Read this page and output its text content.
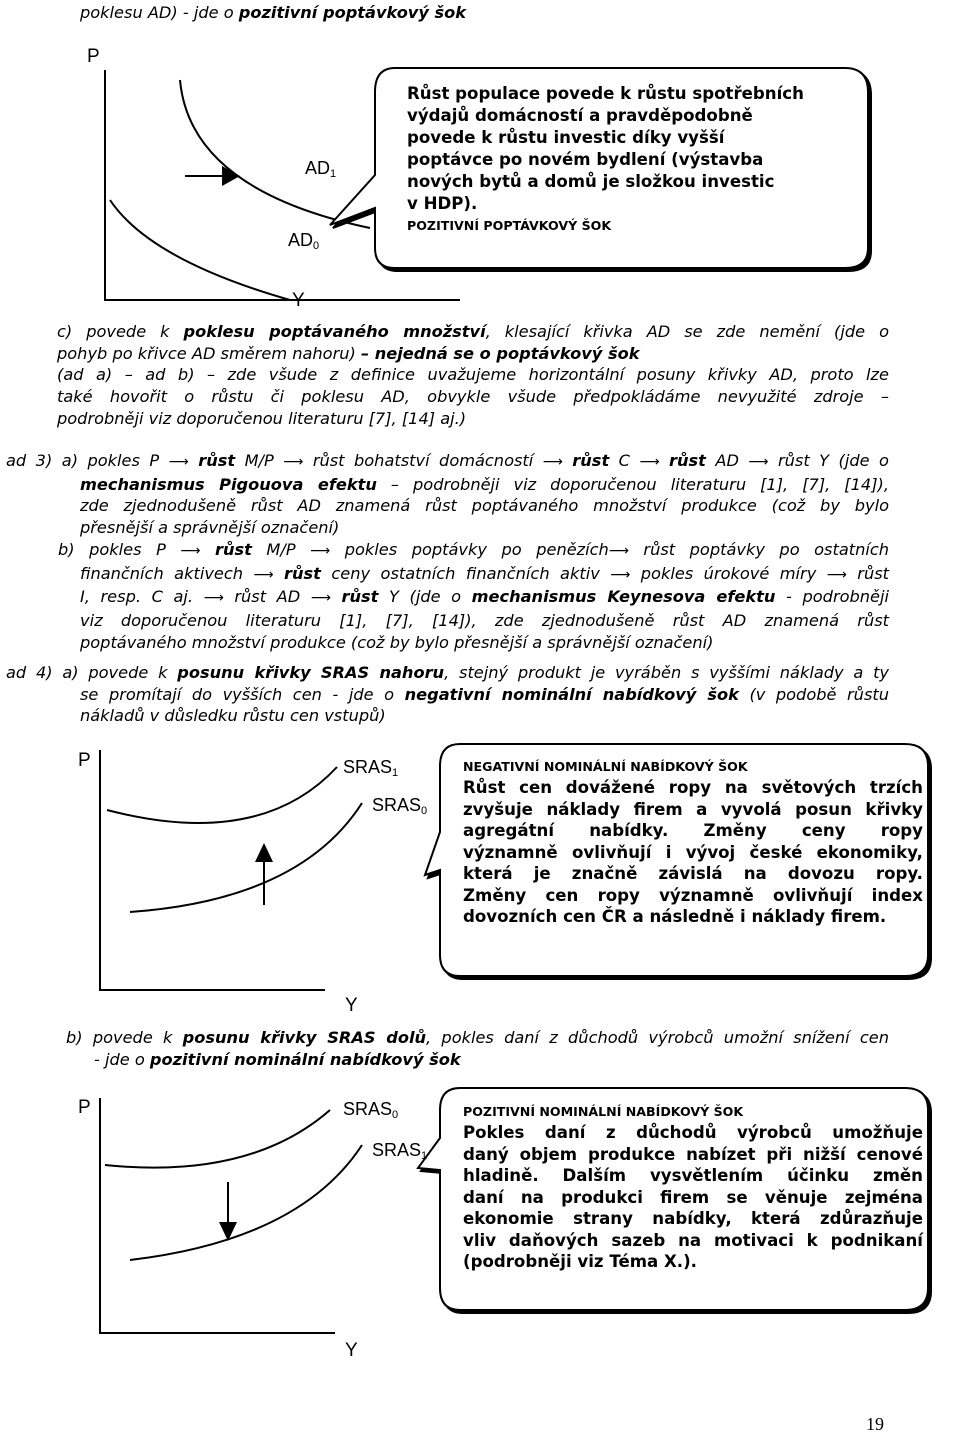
poklesu AD) - jde o pozitivní poptávkový šok
P
Y
$AD_1$
$AD_0$
Růst populace povede k růstu spotřebních
výdajů domácností a pravděpodobně
povede k růstu investic díky vyšší
poptávce po novém bydlení (výstavba
nových bytů a domů je složkou investic
v HDP).
POZITIVNÍ POPTÁVKOVÝ ŠOK
c) povede k poklesu poptávaného množství, klesající křivka AD se zde nemění (jde o
pohyb po křivce AD směrem nahoru) – nejedná se o poptávkový šok
(ad a) – ad b) – zde všude z definice uvažujeme horizontální posuny křivky AD, proto lze
také hovořit o růstu či poklesu AD, obvykle všude předpokládáme nevyužité zdroje –
podrobněji viz doporučenou literaturu [7], [14] aj.)
ad 3) a) pokles P ⟶ růst M/P ⟶ růst bohatství domácností ⟶ růst C ⟶ růst AD ⟶ růst Y (jde o
mechanismus Pigouova efektu – podrobněji viz doporučenou literaturu [1], [7], [14]),
zde zjednodušeně růst AD znamená růst poptávaného množství produkce (což by bylo
přesnější a správnější označení)
b) pokles P ⟶ růst M/P ⟶ pokles poptávky po penězích⟶ růst poptávky po ostatních
finančních aktivech ⟶ růst ceny ostatních finančních aktiv ⟶ pokles úrokové míry ⟶ růst
I, resp. C aj. ⟶ růst AD ⟶ růst Y (jde o mechanismus Keynesova efektu - podrobněji
viz doporučenou literaturu [1], [7], [14]), zde zjednodušeně růst AD znamená růst
poptávaného množství produkce (což by bylo přesnější a správnější označení)
ad 4) a) povede k posunu křivky SRAS nahoru, stejný produkt je vyráběn s vyššími náklady a ty
se promítají do vyšších cen - jde o negativní nominální nabídkový šok (v podobě růstu
nákladů v důsledku růstu cen vstupů)
P
Y
$SRAS_1$
$SRAS_0$
NEGATIVNÍ NOMINÁLNÍ NABÍDKOVÝ ŠOK
Růst cen dovážené ropy na světových trzích
zvyšuje náklady firem a vyvolá posun křivky
agregátní nabídky. Změny ceny ropy
významně ovlivňují i vývoj české ekonomiky,
která je značně závislá na dovozu ropy.
Změny cen ropy významně ovlivňují index
dovozních cen ČR a následně i náklady firem.
b) povede k posunu křivky SRAS dolů, pokles daní z důchodů výrobců umožní snížení cen
- jde o pozitivní nominální nabídkový šok
P
Y
$SRAS_0$
$SRAS_1$
POZITIVNÍ NOMINÁLNÍ NABÍDKOVÝ ŠOK
Pokles daní z důchodů výrobců umožňuje
daný objem produkce nabízet při nižší cenové
hladině. Dalším vysvětlením účinku změn
daní na produkci firem se věnuje zejména
ekonomie strany nabídky, která zdůrazňuje
vliv daňových sazeb na motivaci k podnikaní
(podrobněji viz Téma X.).
19
